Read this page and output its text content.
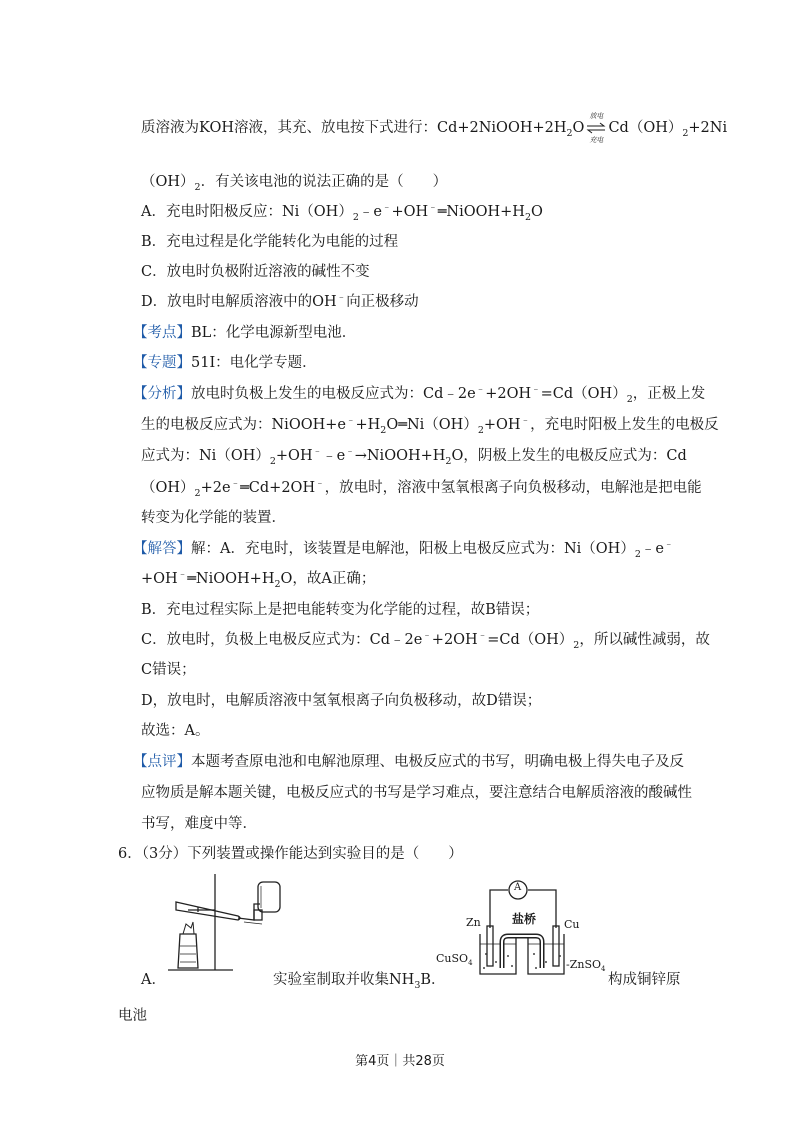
质溶液为KOH溶液，其充、放电按下式进行：$Cd+2NiOOH+2H_2O$
放电
充电
$Cd(OH)_2+2Ni$
$(OH)_2$．有关该电池的说法正确的是（　　）
A．充电时阳极反应：$Ni(OH)_2﹣e^﹣+OH^﹣═NiOOH+H_2O$
B．充电过程是化学能转化为电能的过程
C．放电时负极附近溶液的碱性不变
D．放电时电解质溶液中的OH﹣向正极移动
【考点】BL：化学电源新型电池．
【专题】51I：电化学专题．
【分析】放电时负极上发生的电极反应式为：$Cd﹣2e^﹣+2OH^﹣=Cd(OH)_2$，正极上发
生的电极反应式为：$NiOOH+e^﹣+H_2O═Ni(OH)_2+OH^﹣$，充电时阳极上发生的电极反
应式为：$Ni(OH)_2+OH^﹣﹣e^﹣\to NiOOH+H_2O$，阴极上发生的电极反应式为：Cd
$(OH)_2+2e^﹣═Cd+2OH^﹣$，放电时，溶液中氢氧根离子向负极移动，电解池是把电能
转变为化学能的装置．
【解答】解：A．充电时，该装置是电解池，阳极上电极反应式为：$Ni(OH)_2﹣e^﹣$
$+OH^﹣═NiOOH+H_2O$，故A正确；
B．充电过程实际上是把电能转变为化学能的过程，故B错误；
C．放电时，负极上电极反应式为：$Cd﹣2e^﹣+2OH^﹣=Cd(OH)_2$，所以碱性减弱，故
C错误；
D，放电时，电解质溶液中氢氧根离子向负极移动，故D错误；
故选：A。
【点评】本题考查原电池和电解池原理、电极反应式的书写，明确电极上得失电子及反
应物质是解本题关键，电极反应式的书写是学习难点，要注意结合电解质溶液的酸碱性
书写，难度中等．
6．（3分）下列装置或操作能达到实验目的是（　　）
A．	实验室制取并收集$NH_3B$．
A
盐桥
Zn	Cu
CuSO$_4$	-ZnSO$_4$
构成铜锌原
电池
第4页｜共28页
